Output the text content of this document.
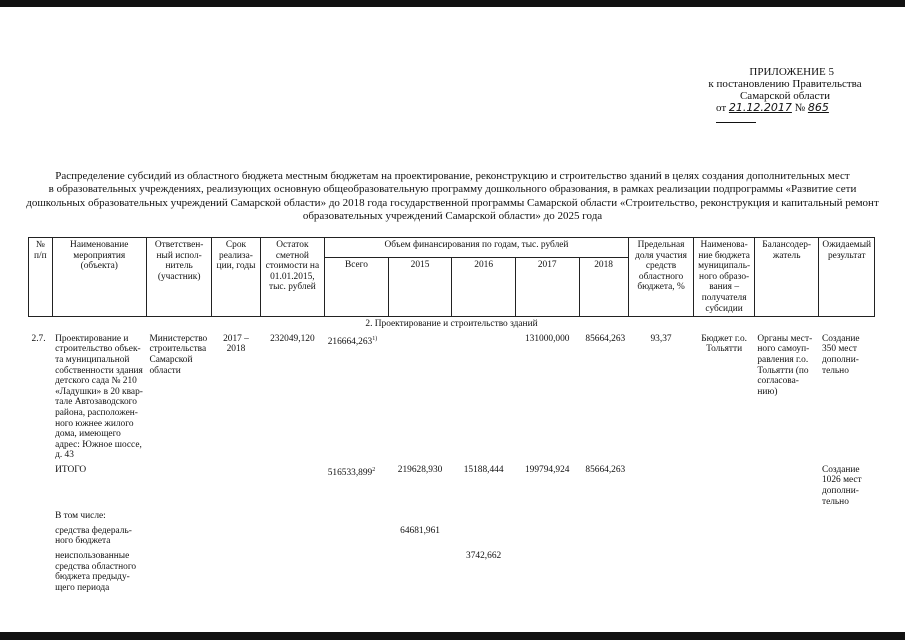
ПРИЛОЖЕНИЕ 5
к постановлению Правительства
Самарской области
от 21.12.2017 № 865
Распределение субсидий из областного бюджета местным бюджетам на проектирование, реконструкцию и строительство зданий в целях создания дополнительных мест
в образовательных учреждениях, реализующих основную общеобразовательную программу дошкольного образования, в рамках реализации подпрограммы «Развитие сети
дошкольных образовательных учреждений Самарской области» до 2018 года государственной программы Самарской области «Строительство, реконструкция и капитальный ремонт
образовательных учреждений Самарской области» до 2025 года
№ п/п	Наименование мероприятия (объекта)	Ответствен-ный испол-нитель (участник)	Срок реализа-ции, годы	Остаток сметной стоимости на 01.01.2015, тыс. рублей	Объем финансирования по годам, тыс. рублей					Предельная доля участия средств областного бюджета, %	Наименова-ние бюджета муниципаль-ного образо-вания – получателя субсидии	Балансодер-жатель	Ожидаемый результат
					Всего	2015	2016	2017	2018				
2. Проектирование и строительство зданий													
2.7.	Проектирование и строительство объек-та муниципальной собственности здания детского сада № 210 «Ладушки» в 20 квар-тале Автозаводского района, расположен-ного южнее жилого дома, имеющего адрес: Южное шоссе, д. 43	Министерство строительства Самарской области	2017 – 2018	232049,120	216664,263$^{1)}$			131000,000	85664,263	93,37	Бюджет г.о. Тольятти	Органы мест-ного самоуп-равления г.о. Тольятти (по согласова-нию)	Создание 350 мест дополни-тельно
	ИТОГО				516533,899$^2$	219628,930	15188,444	199794,924	85664,263				Создание 1026 мест дополни-тельно
	В том числе:												
	средства федераль-ного бюджета					64681,961							
	неиспользованные средства областного бюджета предыду-щего периода						3742,662						
